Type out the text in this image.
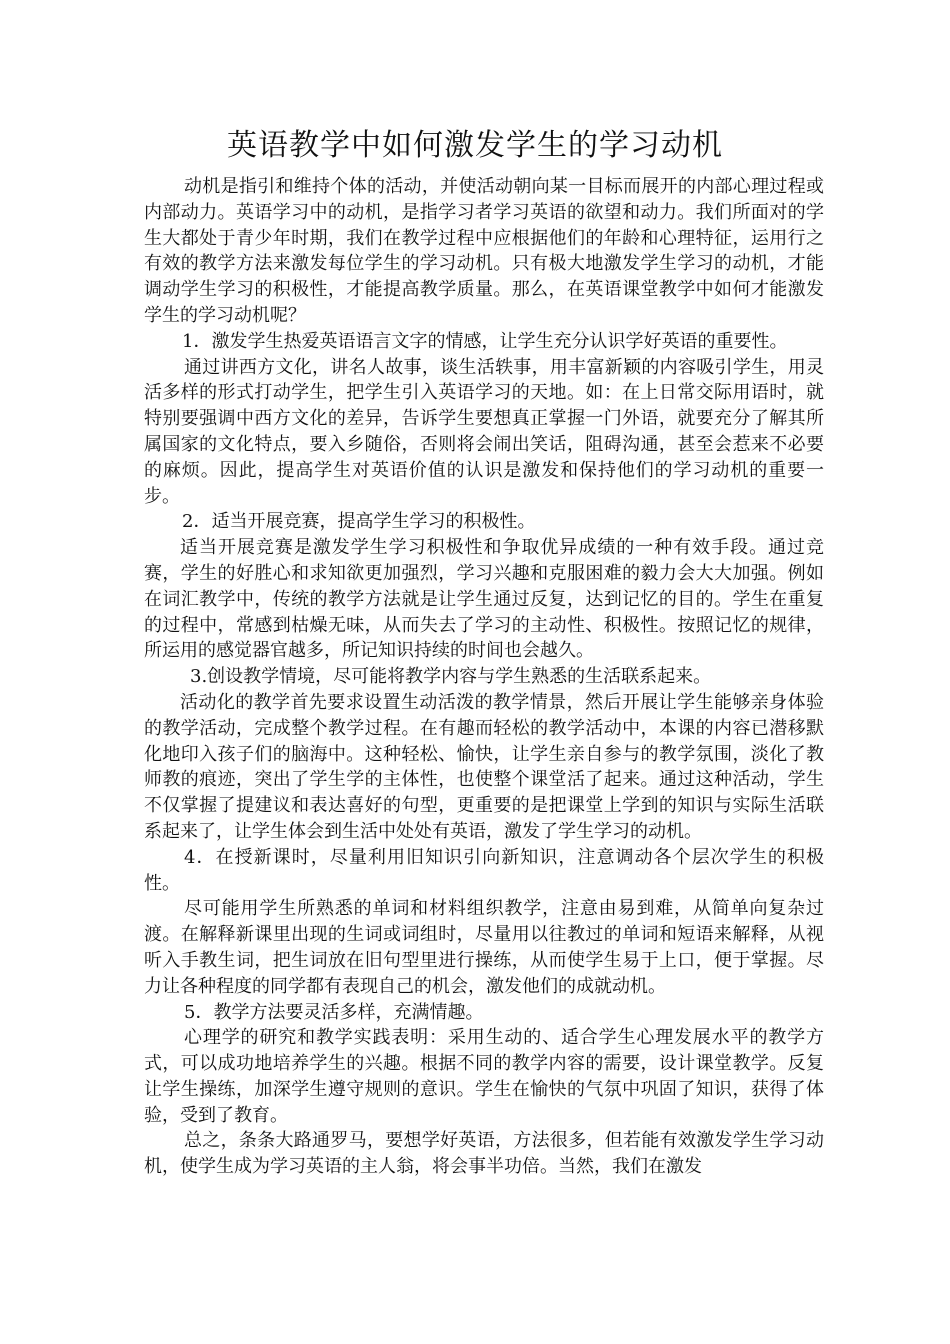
英语教学中如何激发学生的学习动机

动机是指引和维持个体的活动，并使活动朝向某一目标而展开的内部心理过程或内部动力。英语学习中的动机，是指学习者学习英语的欲望和动力。我们所面对的学生大都处于青少年时期，我们在教学过程中应根据他们的年龄和心理特征，运用行之有效的教学方法来激发每位学生的学习动机。只有极大地激发学生学习的动机，才能调动学生学习的积极性，才能提高教学质量。那么，在英语课堂教学中如何才能激发学生的学习动机呢？

1．激发学生热爱英语语言文字的情感，让学生充分认识学好英语的重要性。

通过讲西方文化，讲名人故事，谈生活轶事，用丰富新颖的内容吸引学生，用灵活多样的形式打动学生，把学生引入英语学习的天地。如：在上日常交际用语时，就特别要强调中西方文化的差异，告诉学生要想真正掌握一门外语，就要充分了解其所属国家的文化特点，要入乡随俗，否则将会闹出笑话，阻碍沟通，甚至会惹来不必要的麻烦。因此，提高学生对英语价值的认识是激发和保持他们的学习动机的重要一步。

2．适当开展竞赛，提高学生学习的积极性。

适当开展竞赛是激发学生学习积极性和争取优异成绩的一种有效手段。通过竞赛，学生的好胜心和求知欲更加强烈，学习兴趣和克服困难的毅力会大大加强。例如在词汇教学中，传统的教学方法就是让学生通过反复，达到记忆的目的。学生在重复的过程中，常感到枯燥无味，从而失去了学习的主动性、积极性。按照记忆的规律，所运用的感觉器官越多，所记知识持续的时间也会越久。

3.创设教学情境，尽可能将教学内容与学生熟悉的生活联系起来。

活动化的教学首先要求设置生动活泼的教学情景，然后开展让学生能够亲身体验的教学活动，完成整个教学过程。在有趣而轻松的教学活动中，本课的内容已潜移默化地印入孩子们的脑海中。这种轻松、愉快，让学生亲自参与的教学氛围，淡化了教师教的痕迹，突出了学生学的主体性，也使整个课堂活了起来。通过这种活动，学生不仅掌握了提建议和表达喜好的句型，更重要的是把课堂上学到的知识与实际生活联系起来了，让学生体会到生活中处处有英语，激发了学生学习的动机。

4．在授新课时，尽量利用旧知识引向新知识，注意调动各个层次学生的积极性。

尽可能用学生所熟悉的单词和材料组织教学，注意由易到难，从简单向复杂过渡。在解释新课里出现的生词或词组时，尽量用以往教过的单词和短语来解释，从视听入手教生词，把生词放在旧句型里进行操练，从而使学生易于上口，便于掌握。尽力让各种程度的同学都有表现自己的机会，激发他们的成就动机。

5．教学方法要灵活多样，充满情趣。

心理学的研究和教学实践表明：采用生动的、适合学生心理发展水平的教学方式，可以成功地培养学生的兴趣。根据不同的教学内容的需要，设计课堂教学。反复让学生操练，加深学生遵守规则的意识。学生在愉快的气氛中巩固了知识，获得了体验，受到了教育。

总之，条条大路通罗马，要想学好英语，方法很多，但若能有效激发学生学习动机，使学生成为学习英语的主人翁，将会事半功倍。当然，我们在激发
